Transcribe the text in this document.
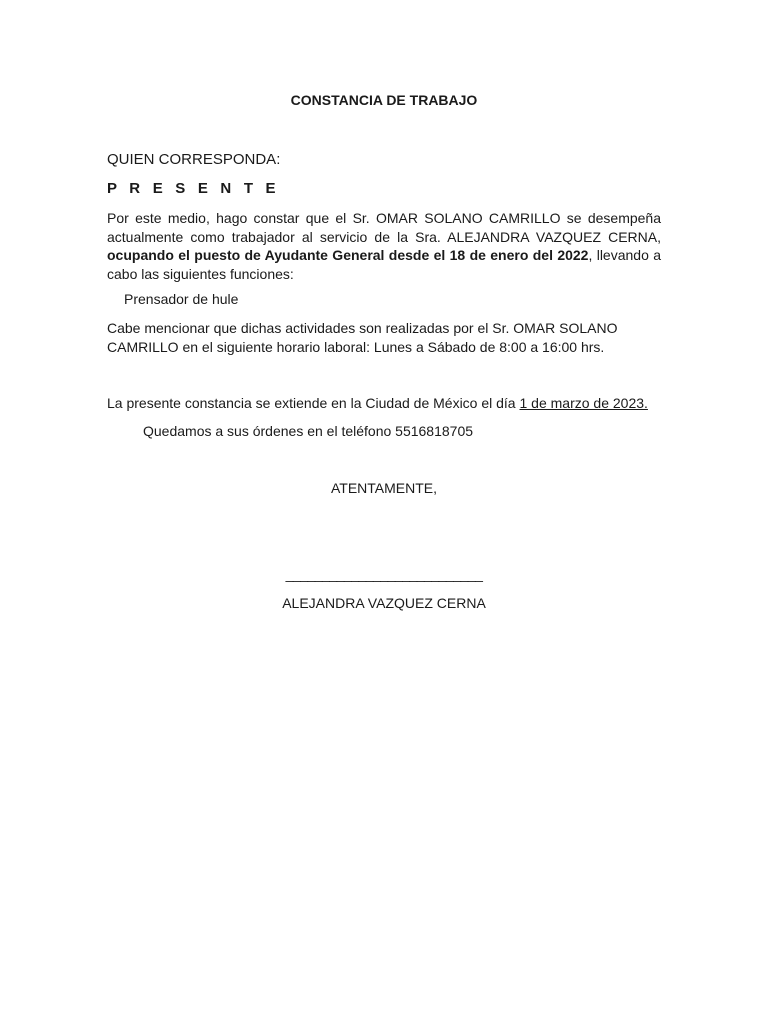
CONSTANCIA DE TRABAJO
QUIEN CORRESPONDA:
P R E S E N T E
Por este medio, hago constar que el Sr. OMAR SOLANO CAMRILLO se desempeña actualmente como trabajador al servicio de la Sra. ALEJANDRA VAZQUEZ CERNA, ocupando el puesto de Ayudante General desde el 18 de enero del 2022, llevando a cabo las siguientes funciones:
Prensador de hule
Cabe mencionar que dichas actividades son realizadas por el Sr. OMAR SOLANO CAMRILLO en el siguiente horario laboral: Lunes a Sábado de 8:00 a 16:00 hrs.
La presente constancia se extiende en la Ciudad de México el día 1 de marzo de 2023.
Quedamos a sus órdenes en el teléfono 5516818705
ATENTAMENTE,
___________________________
ALEJANDRA VAZQUEZ CERNA
